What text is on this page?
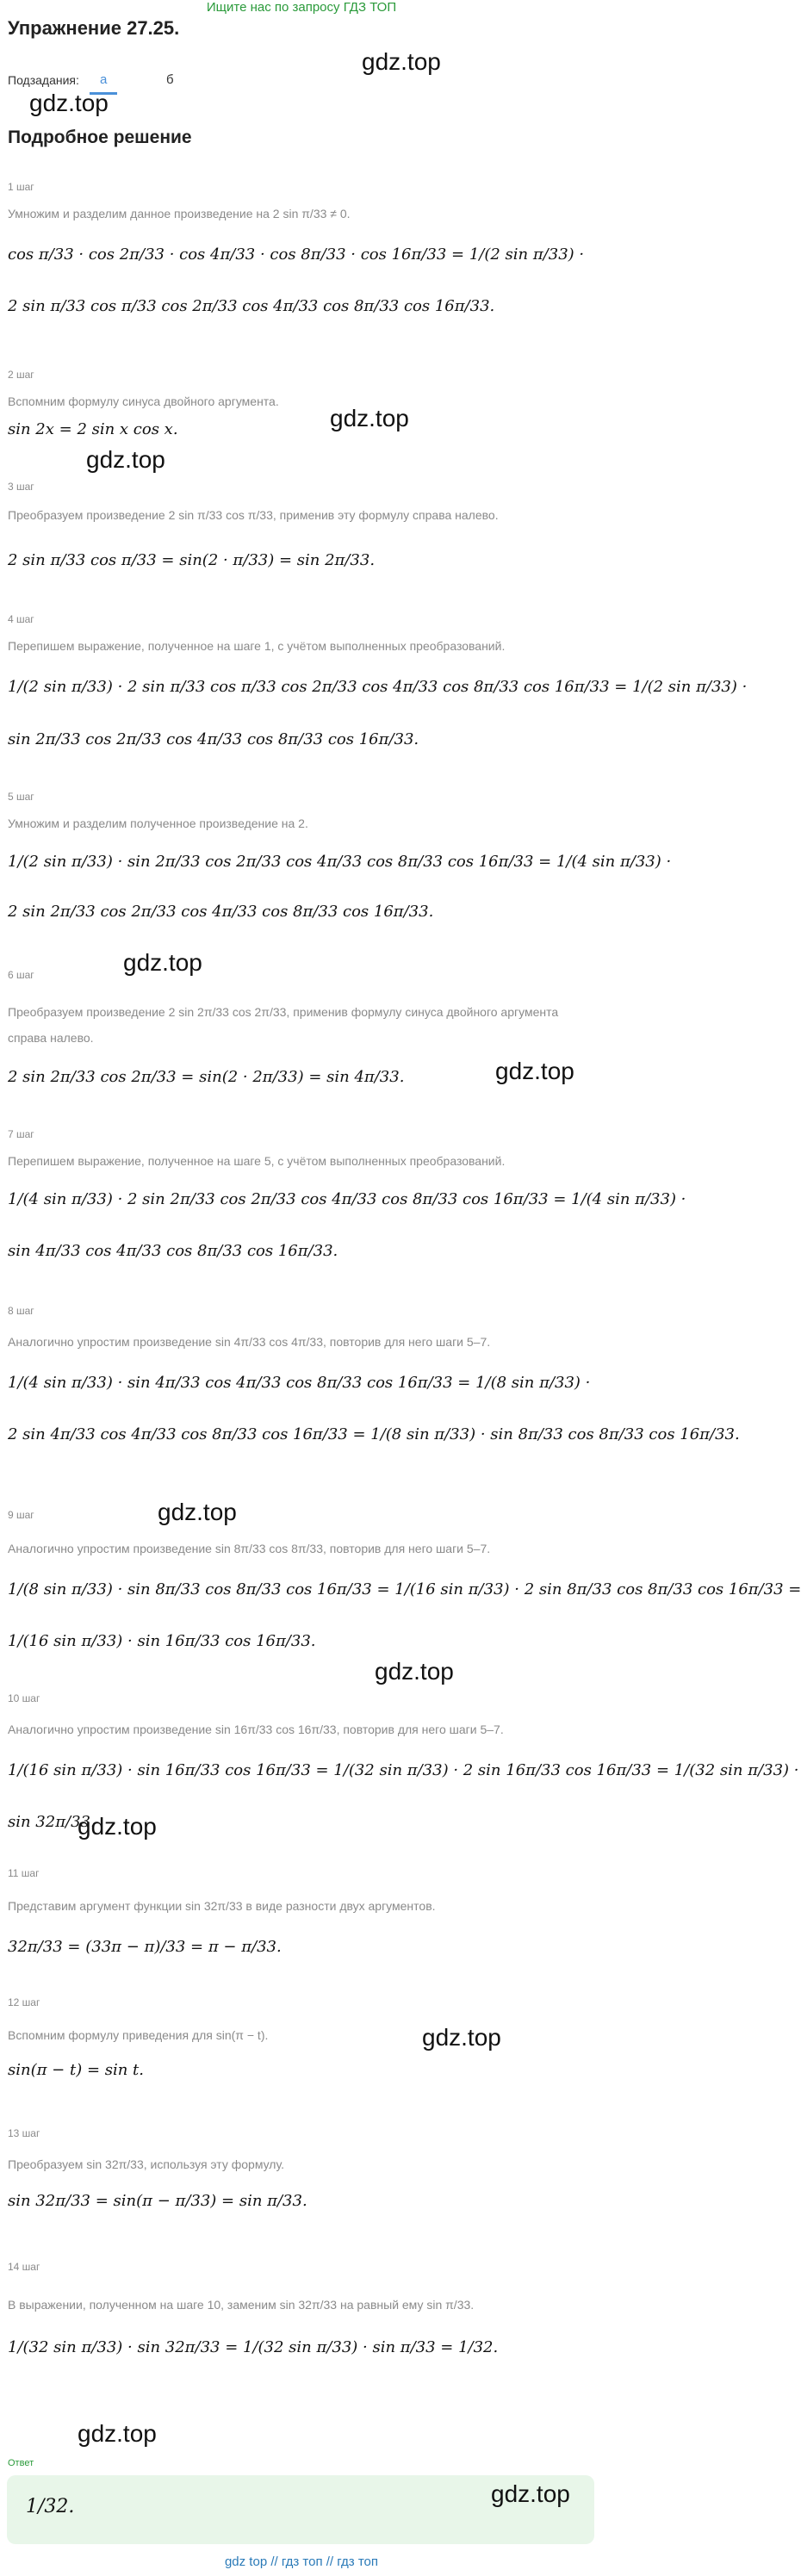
Ищите нас по запросу ГДЗ ТОП
Упражнение 27.25.
Подзадания:	а	б
gdz.top
gdz.top
Подробное решение
1 шаг
Умножим и разделим данное произведение на 2 sin π/33 ≠ 0.
cos π/33 · cos 2π/33 · cos 4π/33 · cos 8π/33 · cos 16π/33 = 1/(2 sin π/33) ·
2 sin π/33 cos π/33 cos 2π/33 cos 4π/33 cos 8π/33 cos 16π/33.
2 шаг
Вспомним формулу синуса двойного аргумента.
sin 2x = 2 sin x cos x.	gdz.top
gdz.top
3 шаг
Преобразуем произведение 2 sin π/33 cos π/33, применив эту формулу справа налево.
2 sin π/33 cos π/33 = sin(2 · π/33) = sin 2π/33.
4 шаг
Перепишем выражение, полученное на шаге 1, с учётом выполненных преобразований.
1/(2 sin π/33) · 2 sin π/33 cos π/33 cos 2π/33 cos 4π/33 cos 8π/33 cos 16π/33 = 1/(2 sin π/33) ·
sin 2π/33 cos 2π/33 cos 4π/33 cos 8π/33 cos 16π/33.
5 шаг
Умножим и разделим полученное произведение на 2.
1/(2 sin π/33) · sin 2π/33 cos 2π/33 cos 4π/33 cos 8π/33 cos 16π/33 = 1/(4 sin π/33) ·
2 sin 2π/33 cos 2π/33 cos 4π/33 cos 8π/33 cos 16π/33.
gdz.top
6 шаг
Преобразуем произведение 2 sin 2π/33 cos 2π/33, применив формулу синуса двойного аргумента справа налево.
2 sin 2π/33 cos 2π/33 = sin(2 · 2π/33) = sin 4π/33.	gdz.top
7 шаг
Перепишем выражение, полученное на шаге 5, с учётом выполненных преобразований.
1/(4 sin π/33) · 2 sin 2π/33 cos 2π/33 cos 4π/33 cos 8π/33 cos 16π/33 = 1/(4 sin π/33) ·
sin 4π/33 cos 4π/33 cos 8π/33 cos 16π/33.
8 шаг
Аналогично упростим произведение sin 4π/33 cos 4π/33, повторив для него шаги 5–7.
1/(4 sin π/33) · sin 4π/33 cos 4π/33 cos 8π/33 cos 16π/33 = 1/(8 sin π/33) ·
2 sin 4π/33 cos 4π/33 cos 8π/33 cos 16π/33 = 1/(8 sin π/33) · sin 8π/33 cos 8π/33 cos 16π/33.
gdz.top
9 шаг
Аналогично упростим произведение sin 8π/33 cos 8π/33, повторив для него шаги 5–7.
1/(8 sin π/33) · sin 8π/33 cos 8π/33 cos 16π/33 = 1/(16 sin π/33) · 2 sin 8π/33 cos 8π/33 cos 16π/33 =
1/(16 sin π/33) · sin 16π/33 cos 16π/33.
gdz.top
10 шаг
Аналогично упростим произведение sin 16π/33 cos 16π/33, повторив для него шаги 5–7.
1/(16 sin π/33) · sin 16π/33 cos 16π/33 = 1/(32 sin π/33) · 2 sin 16π/33 cos 16π/33 = 1/(32 sin π/33) ·
sin 32π/33.
gdz.top
11 шаг
Представим аргумент функции sin 32π/33 в виде разности двух аргументов.
32π/33 = (33π − π)/33 = π − π/33.
12 шаг
Вспомним формулу приведения для sin(π − t).
sin(π − t) = sin t.
gdz.top
13 шаг
Преобразуем sin 32π/33, используя эту формулу.
sin 32π/33 = sin(π − π/33) = sin π/33.
14 шаг
В выражении, полученном на шаге 10, заменим sin 32π/33 на равный ему sin π/33.
1/(32 sin π/33) · sin 32π/33 = 1/(32 sin π/33) · sin π/33 = 1/32.
gdz.top
Ответ
1/32.	gdz.top
gdz top // гдз топ // гдз топ
